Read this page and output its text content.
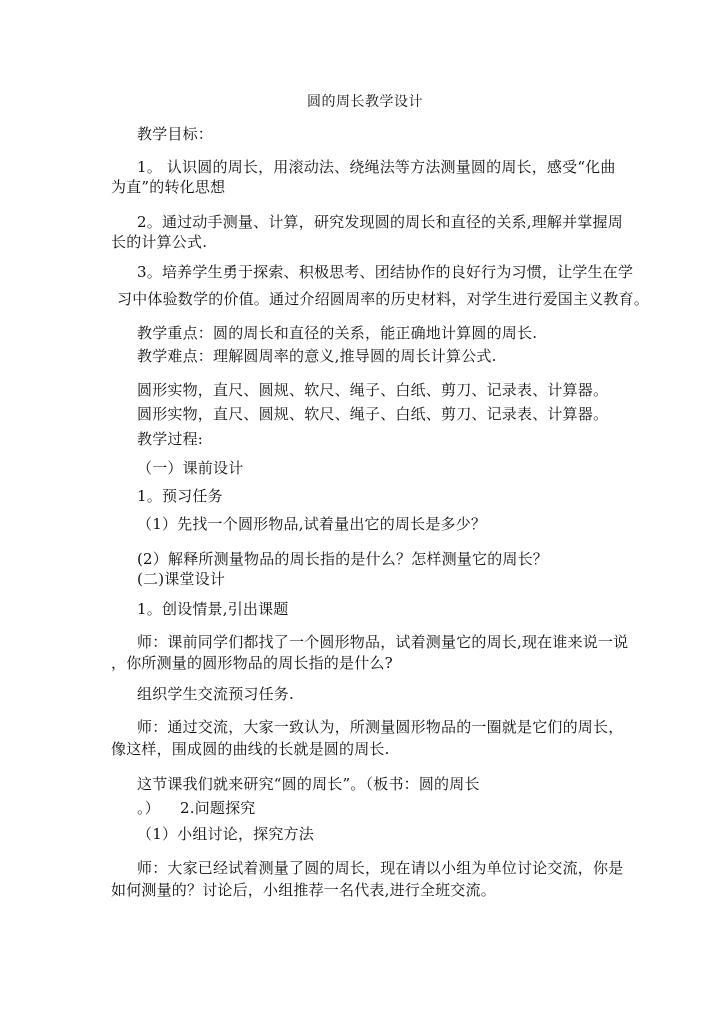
圆的周长教学设计
教学目标：
1。 认识圆的周长，用滚动法、绕绳法等方法测量圆的周长，感受“化曲
为直”的转化思想
2。通过动手测量、计算，研究发现圆的周长和直径的关系,理解并掌握周
长的计算公式.
3。培养学生勇于探索、积极思考、团结协作的良好行为习惯，让学生在学
习中体验数学的价值。通过介绍圆周率的历史材料，对学生进行爱国主义教育。
教学重点：圆的周长和直径的关系，能正确地计算圆的周长.
教学难点：理解圆周率的意义,推导圆的周长计算公式.
圆形实物，直尺、圆规、软尺、绳子、白纸、剪刀、记录表、计算器。
圆形实物，直尺、圆规、软尺、绳子、白纸、剪刀、记录表、计算器。
教学过程:
（一）课前设计
1。预习任务
（1）先找一个圆形物品,试着量出它的周长是多少？
(2）解释所测量物品的周长指的是什么？怎样测量它的周长？
(二)课堂设计
1。创设情景,引出课题
师：课前同学们都找了一个圆形物品，试着测量它的周长,现在谁来说一说
，你所测量的圆形物品的周长指的是什么?
组织学生交流预习任务.
师：通过交流，大家一致认为，所测量圆形物品的一圈就是它们的周长，
像这样，围成圆的曲线的长就是圆的周长.
这节课我们就来研究“圆的周长”。（板书：圆的周长
。） 2.问题探究
（1）小组讨论，探究方法
师：大家已经试着测量了圆的周长，现在请以小组为单位讨论交流，你是
如何测量的？讨论后，小组推荐一名代表,进行全班交流。
